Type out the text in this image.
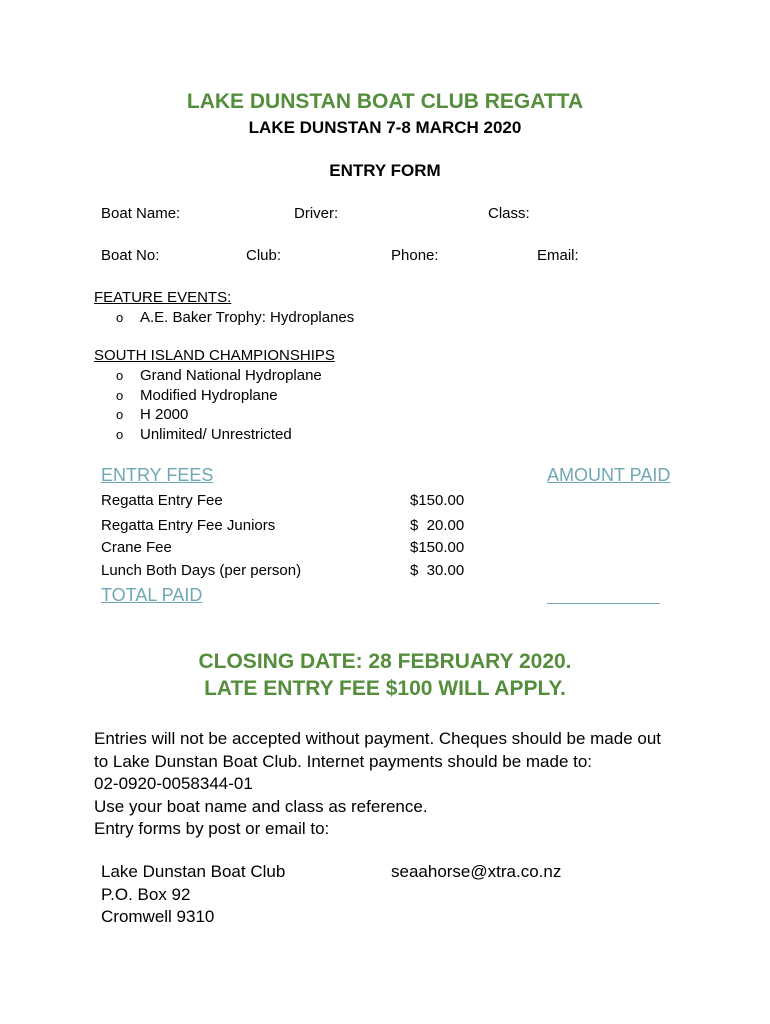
LAKE DUNSTAN BOAT CLUB REGATTA
LAKE DUNSTAN 7-8 MARCH 2020
ENTRY FORM
Boat Name:	Driver:	Class:
Boat No:	Club:	Phone:	Email:
FEATURE EVENTS:
o A.E. Baker Trophy: Hydroplanes
SOUTH ISLAND CHAMPIONSHIPS
o Grand National Hydroplane
o Modified Hydroplane
o H 2000
o Unlimited/ Unrestricted
ENTRY FEES	AMOUNT PAID
Regatta Entry Fee	$150.00
Regatta Entry Fee Juniors	$  20.00
Crane Fee	$150.00
Lunch Both Days (per person)	$  30.00
TOTAL PAID
CLOSING DATE: 28 FEBRUARY 2020.
LATE ENTRY FEE $100 WILL APPLY.
Entries will not be accepted without payment. Cheques should be made out
to Lake Dunstan Boat Club. Internet payments should be made to:
02-0920-0058344-01
Use your boat name and class as reference.
Entry forms by post or email to:
Lake Dunstan Boat Club
P.O. Box 92
Cromwell 9310
seaahorse@xtra.co.nz
